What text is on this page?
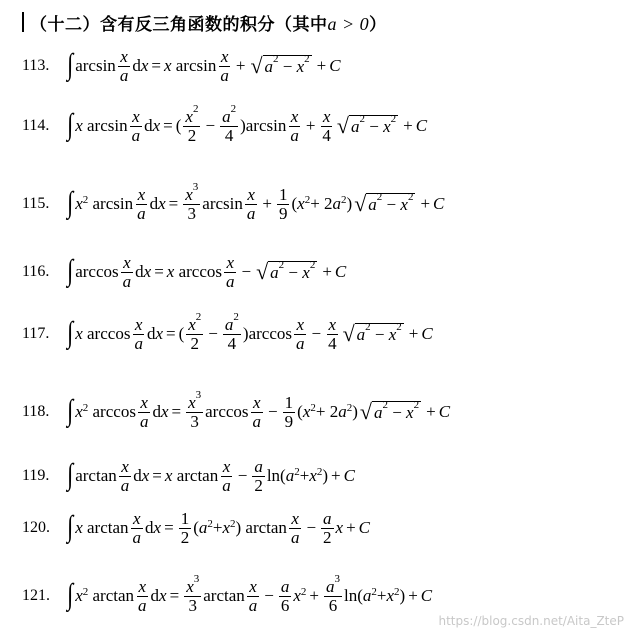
（十二）含有反三角函数的积分（其中a > 0）
113. ∫ $\arcsin \frac{x}{a}$ d x = x $\arcsin \frac{x}{a}$ + √ $a^2 - x^2 + C$
114. ∫ x $\arcsin \frac{x}{a}$ d x = ( $\frac{x^2}{2} - \frac{a^2}{4}$ ) $\arcsin \frac{x}{a} + \frac{x}{4}$ √ $a^2 - x^2 + C$
115. ∫ $x^2$ $\arcsin \frac{x}{a}$ d $x = \frac{x^3}{3}$ $\arcsin \frac{x}{a} + \frac{1}{9}$ ( $x^2 + 2$ $a^2$ ) √ $a^2 - x^2 + C$
116. ∫ $\arccos \frac{x}{a}$ d x = x $\arccos \frac{x}{a}$ − √ $a^2 - x^2 + C$
117. ∫ x $\arccos \frac{x}{a}$ d x = ( $\frac{x^2}{2} - \frac{a^2}{4}$ ) $\arccos \frac{x}{a} - \frac{x}{4}$ √ $a^2 - x^2 + C$
118. ∫ $x^2$ $\arccos \frac{x}{a}$ d $x = \frac{x^3}{3}$ $\arccos \frac{x}{a} - \frac{1}{9}$ ( $x^2 + 2$ $a^2$ ) √ $a^2 - x^2 + C$
119. ∫ $\arctan \frac{x}{a}$ d x = x $\arctan \frac{x}{a} - \frac{a}{2} \ln$( $a^2 + x^2$ ) + C
120. ∫ x $\arctan \frac{x}{a}$ d $x = \frac{1}{2}$ ( $a^2 + x^2$ ) $\arctan \frac{x}{a} - \frac{a}{2}$ x + C
121. ∫ $x^2$ $\arctan \frac{x}{a}$ d $x = \frac{x^3}{3}$ $\arctan \frac{x}{a} - \frac{a}{6} x^2 + \frac{a^3}{6} \ln$( $a^2 + x^2$ ) + C
https://blog.csdn.net/Aita_ZteP
